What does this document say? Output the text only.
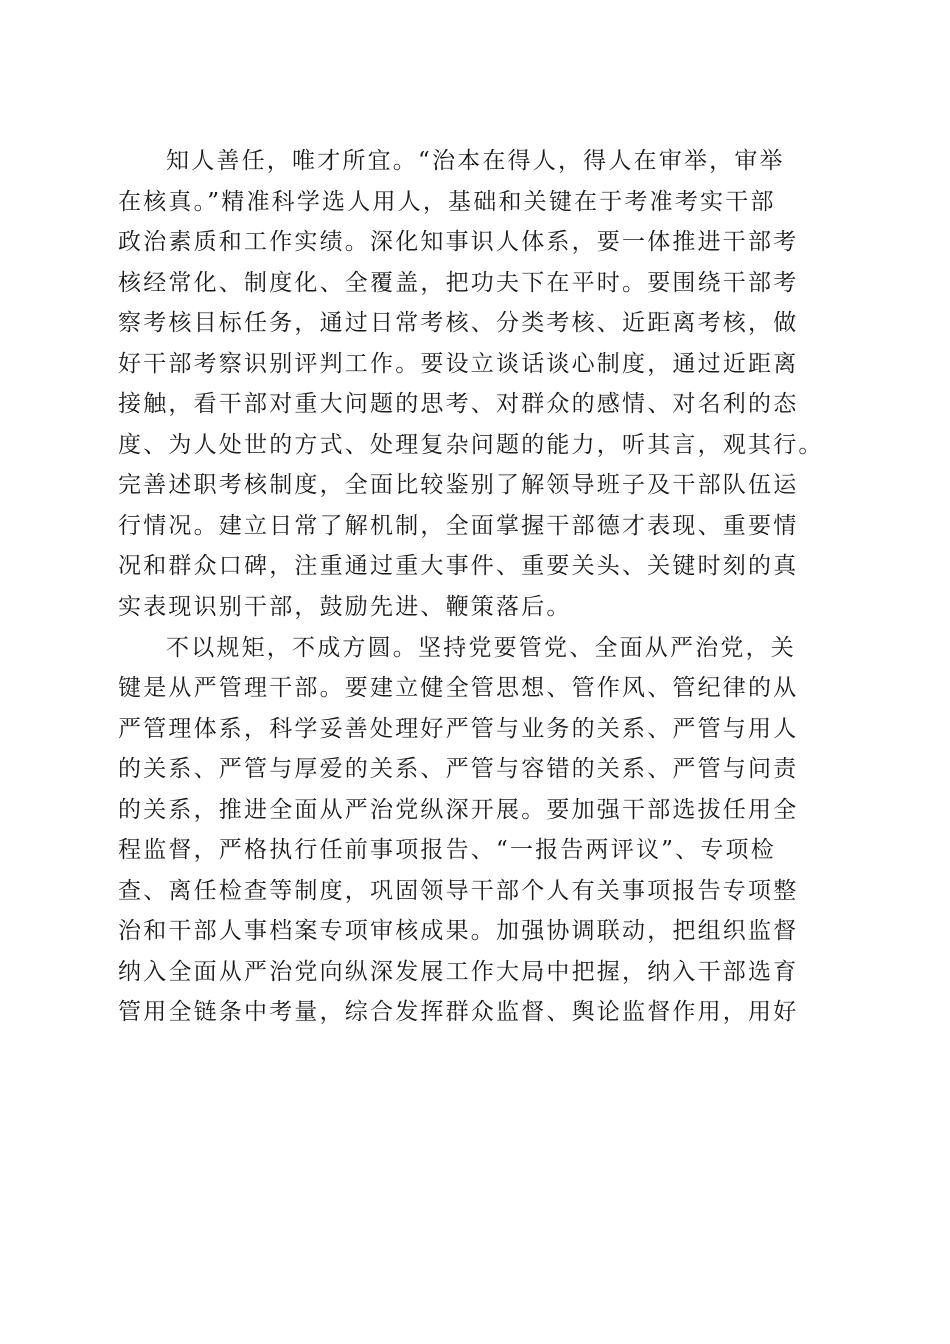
知人善任，唯才所宜。“治本在得人，得人在审举，审举
在核真。”精准科学选人用人，基础和关键在于考准考实干部
政治素质和工作实绩。深化知事识人体系，要一体推进干部考
核经常化、制度化、全覆盖，把功夫下在平时。要围绕干部考
察考核目标任务，通过日常考核、分类考核、近距离考核，做
好干部考察识别评判工作。要设立谈话谈心制度，通过近距离
接触，看干部对重大问题的思考、对群众的感情、对名利的态
度、为人处世的方式、处理复杂问题的能力，听其言，观其行。
完善述职考核制度，全面比较鉴别了解领导班子及干部队伍运
行情况。建立日常了解机制，全面掌握干部德才表现、重要情
况和群众口碑，注重通过重大事件、重要关头、关键时刻的真
实表现识别干部，鼓励先进、鞭策落后。
不以规矩，不成方圆。坚持党要管党、全面从严治党，关
键是从严管理干部。要建立健全管思想、管作风、管纪律的从
严管理体系，科学妥善处理好严管与业务的关系、严管与用人
的关系、严管与厚爱的关系、严管与容错的关系、严管与问责
的关系，推进全面从严治党纵深开展。要加强干部选拔任用全
程监督，严格执行任前事项报告、“一报告两评议”、专项检
查、离任检查等制度，巩固领导干部个人有关事项报告专项整
治和干部人事档案专项审核成果。加强协调联动，把组织监督
纳入全面从严治党向纵深发展工作大局中把握，纳入干部选育
管用全链条中考量，综合发挥群众监督、舆论监督作用，用好
